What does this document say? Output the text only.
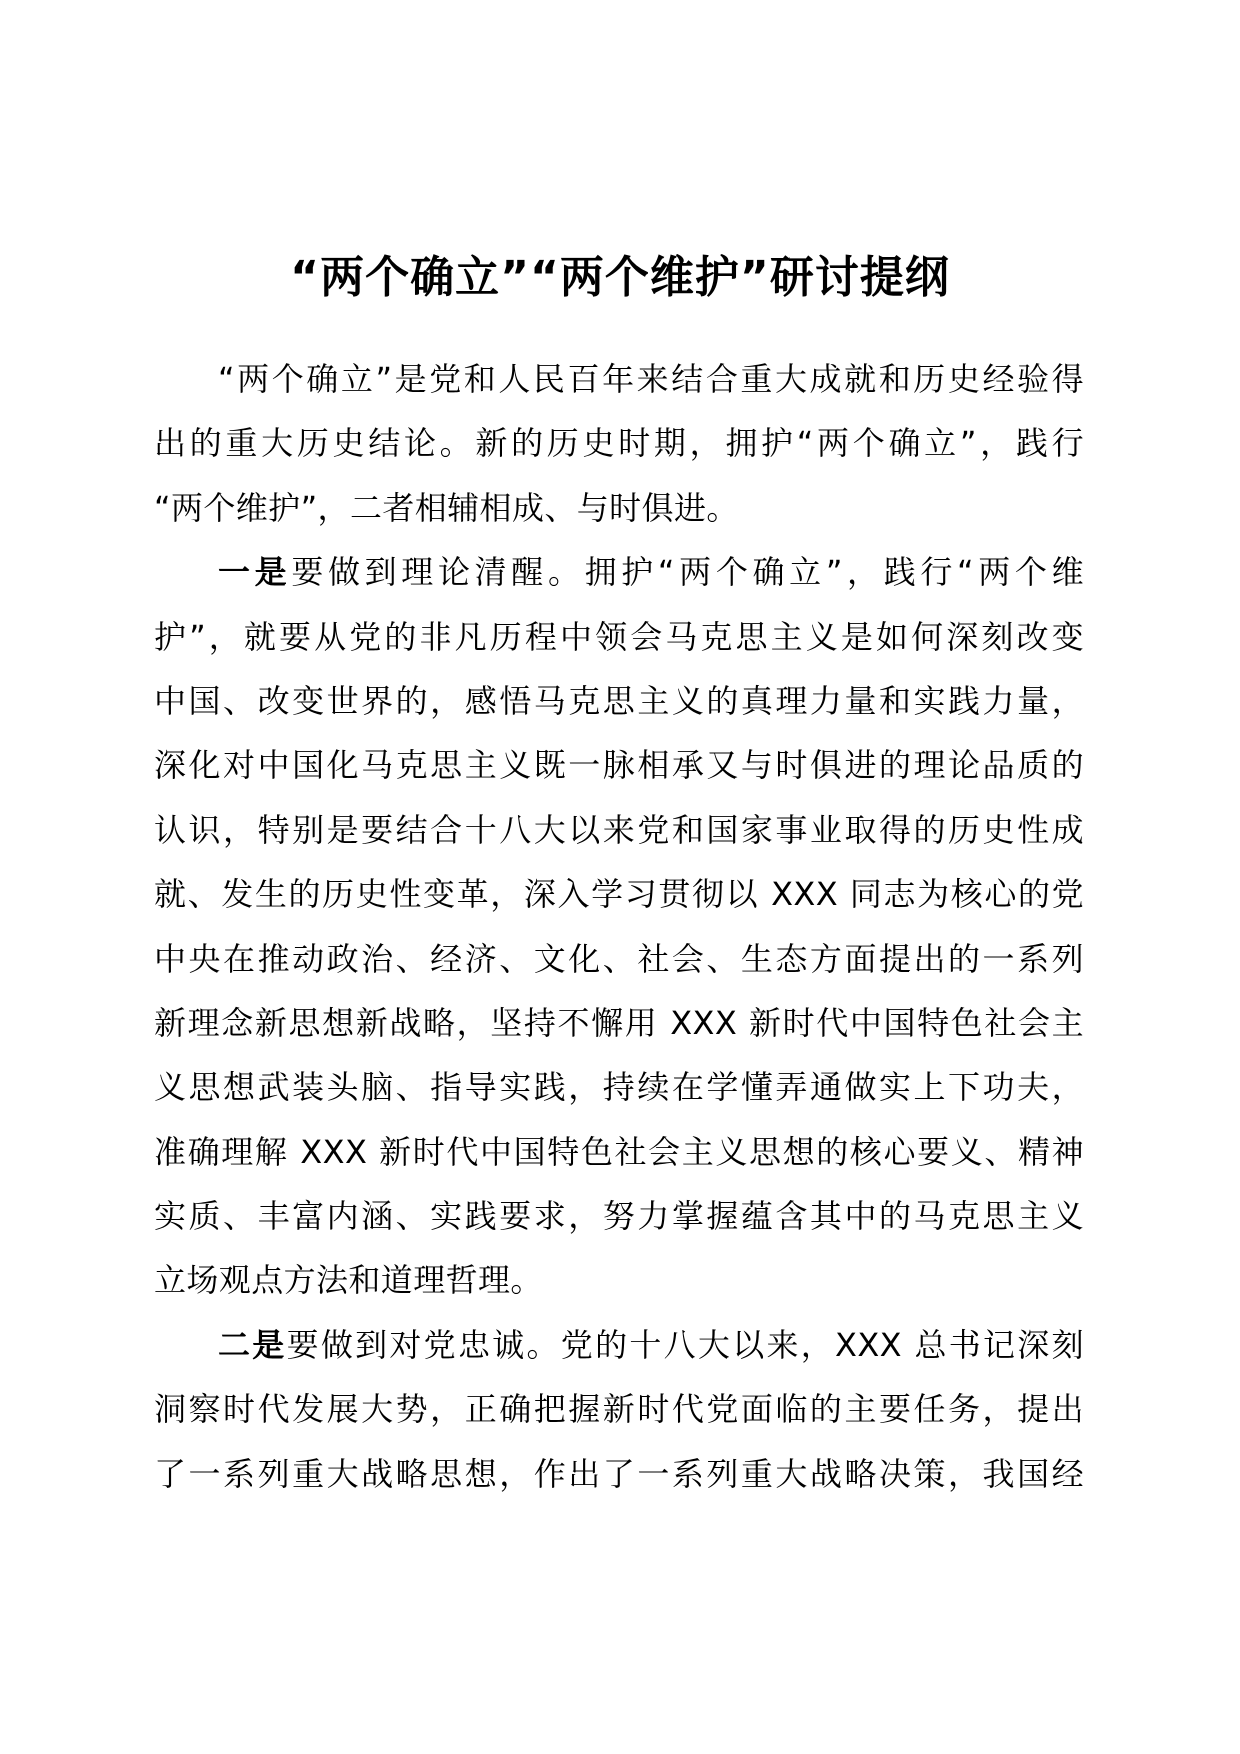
“两个确立”“两个维护”研讨提纲
“两个确立”是党和人民百年来结合重大成就和历史经验得
出的重大历史结论。新的历史时期，拥护“两个确立”，践行
“两个维护”，二者相辅相成、与时俱进。
一是要做到理论清醒。拥护“两个确立”，践行“两个维
护”，就要从党的非凡历程中领会马克思主义是如何深刻改变
中国、改变世界的，感悟马克思主义的真理力量和实践力量，
深化对中国化马克思主义既一脉相承又与时俱进的理论品质的
认识，特别是要结合十八大以来党和国家事业取得的历史性成
就、发生的历史性变革，深入学习贯彻以 XXX 同志为核心的党
中央在推动政治、经济、文化、社会、生态方面提出的一系列
新理念新思想新战略，坚持不懈用 XXX 新时代中国特色社会主
义思想武装头脑、指导实践，持续在学懂弄通做实上下功夫，
准确理解 XXX 新时代中国特色社会主义思想的核心要义、精神
实质、丰富内涵、实践要求，努力掌握蕴含其中的马克思主义
立场观点方法和道理哲理。
二是要做到对党忠诚。党的十八大以来，XXX 总书记深刻
洞察时代发展大势，正确把握新时代党面临的主要任务，提出
了一系列重大战略思想，作出了一系列重大战略决策，我国经
